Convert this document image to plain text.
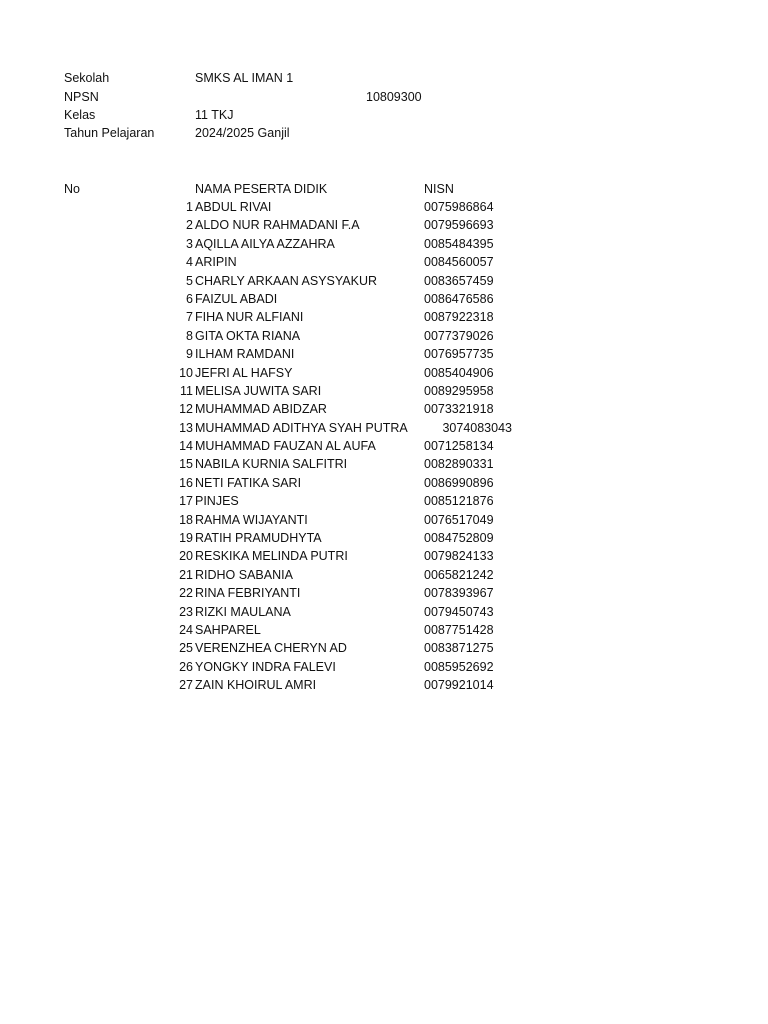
Sekolah	SMKS AL IMAN 1
NPSN	10809300
Kelas	11 TKJ
Tahun Pelajaran	2024/2025 Ganjil
No	NAMA PESERTA DIDIK	NISN
1 ABDUL RIVAI	0075986864
2 ALDO NUR RAHMADANI F.A	0079596693
3 AQILLA AILYA AZZAHRA	0085484395
4 ARIPIN	0084560057
5 CHARLY ARKAAN ASYSYAKUR	0083657459
6 FAIZUL ABADI	0086476586
7 FIHA NUR ALFIANI	0087922318
8 GITA OKTA RIANA	0077379026
9 ILHAM RAMDANI	0076957735
10 JEFRI AL HAFSY	0085404906
11 MELISA JUWITA SARI	0089295958
12 MUHAMMAD ABIDZAR	0073321918
13 MUHAMMAD ADITHYA SYAH PUTRA	3074083043
14 MUHAMMAD FAUZAN AL AUFA	0071258134
15 NABILA KURNIA SALFITRI	0082890331
16 NETI FATIKA SARI	0086990896
17 PINJES	0085121876
18 RAHMA WIJAYANTI	0076517049
19 RATIH PRAMUDHYTA	0084752809
20 RESKIKA MELINDA PUTRI	0079824133
21 RIDHO SABANIA	0065821242
22 RINA FEBRIYANTI	0078393967
23 RIZKI MAULANA	0079450743
24 SAHPAREL	0087751428
25 VERENZHEA CHERYN AD	0083871275
26 YONGKY INDRA FALEVI	0085952692
27 ZAIN KHOIRUL AMRI	0079921014
